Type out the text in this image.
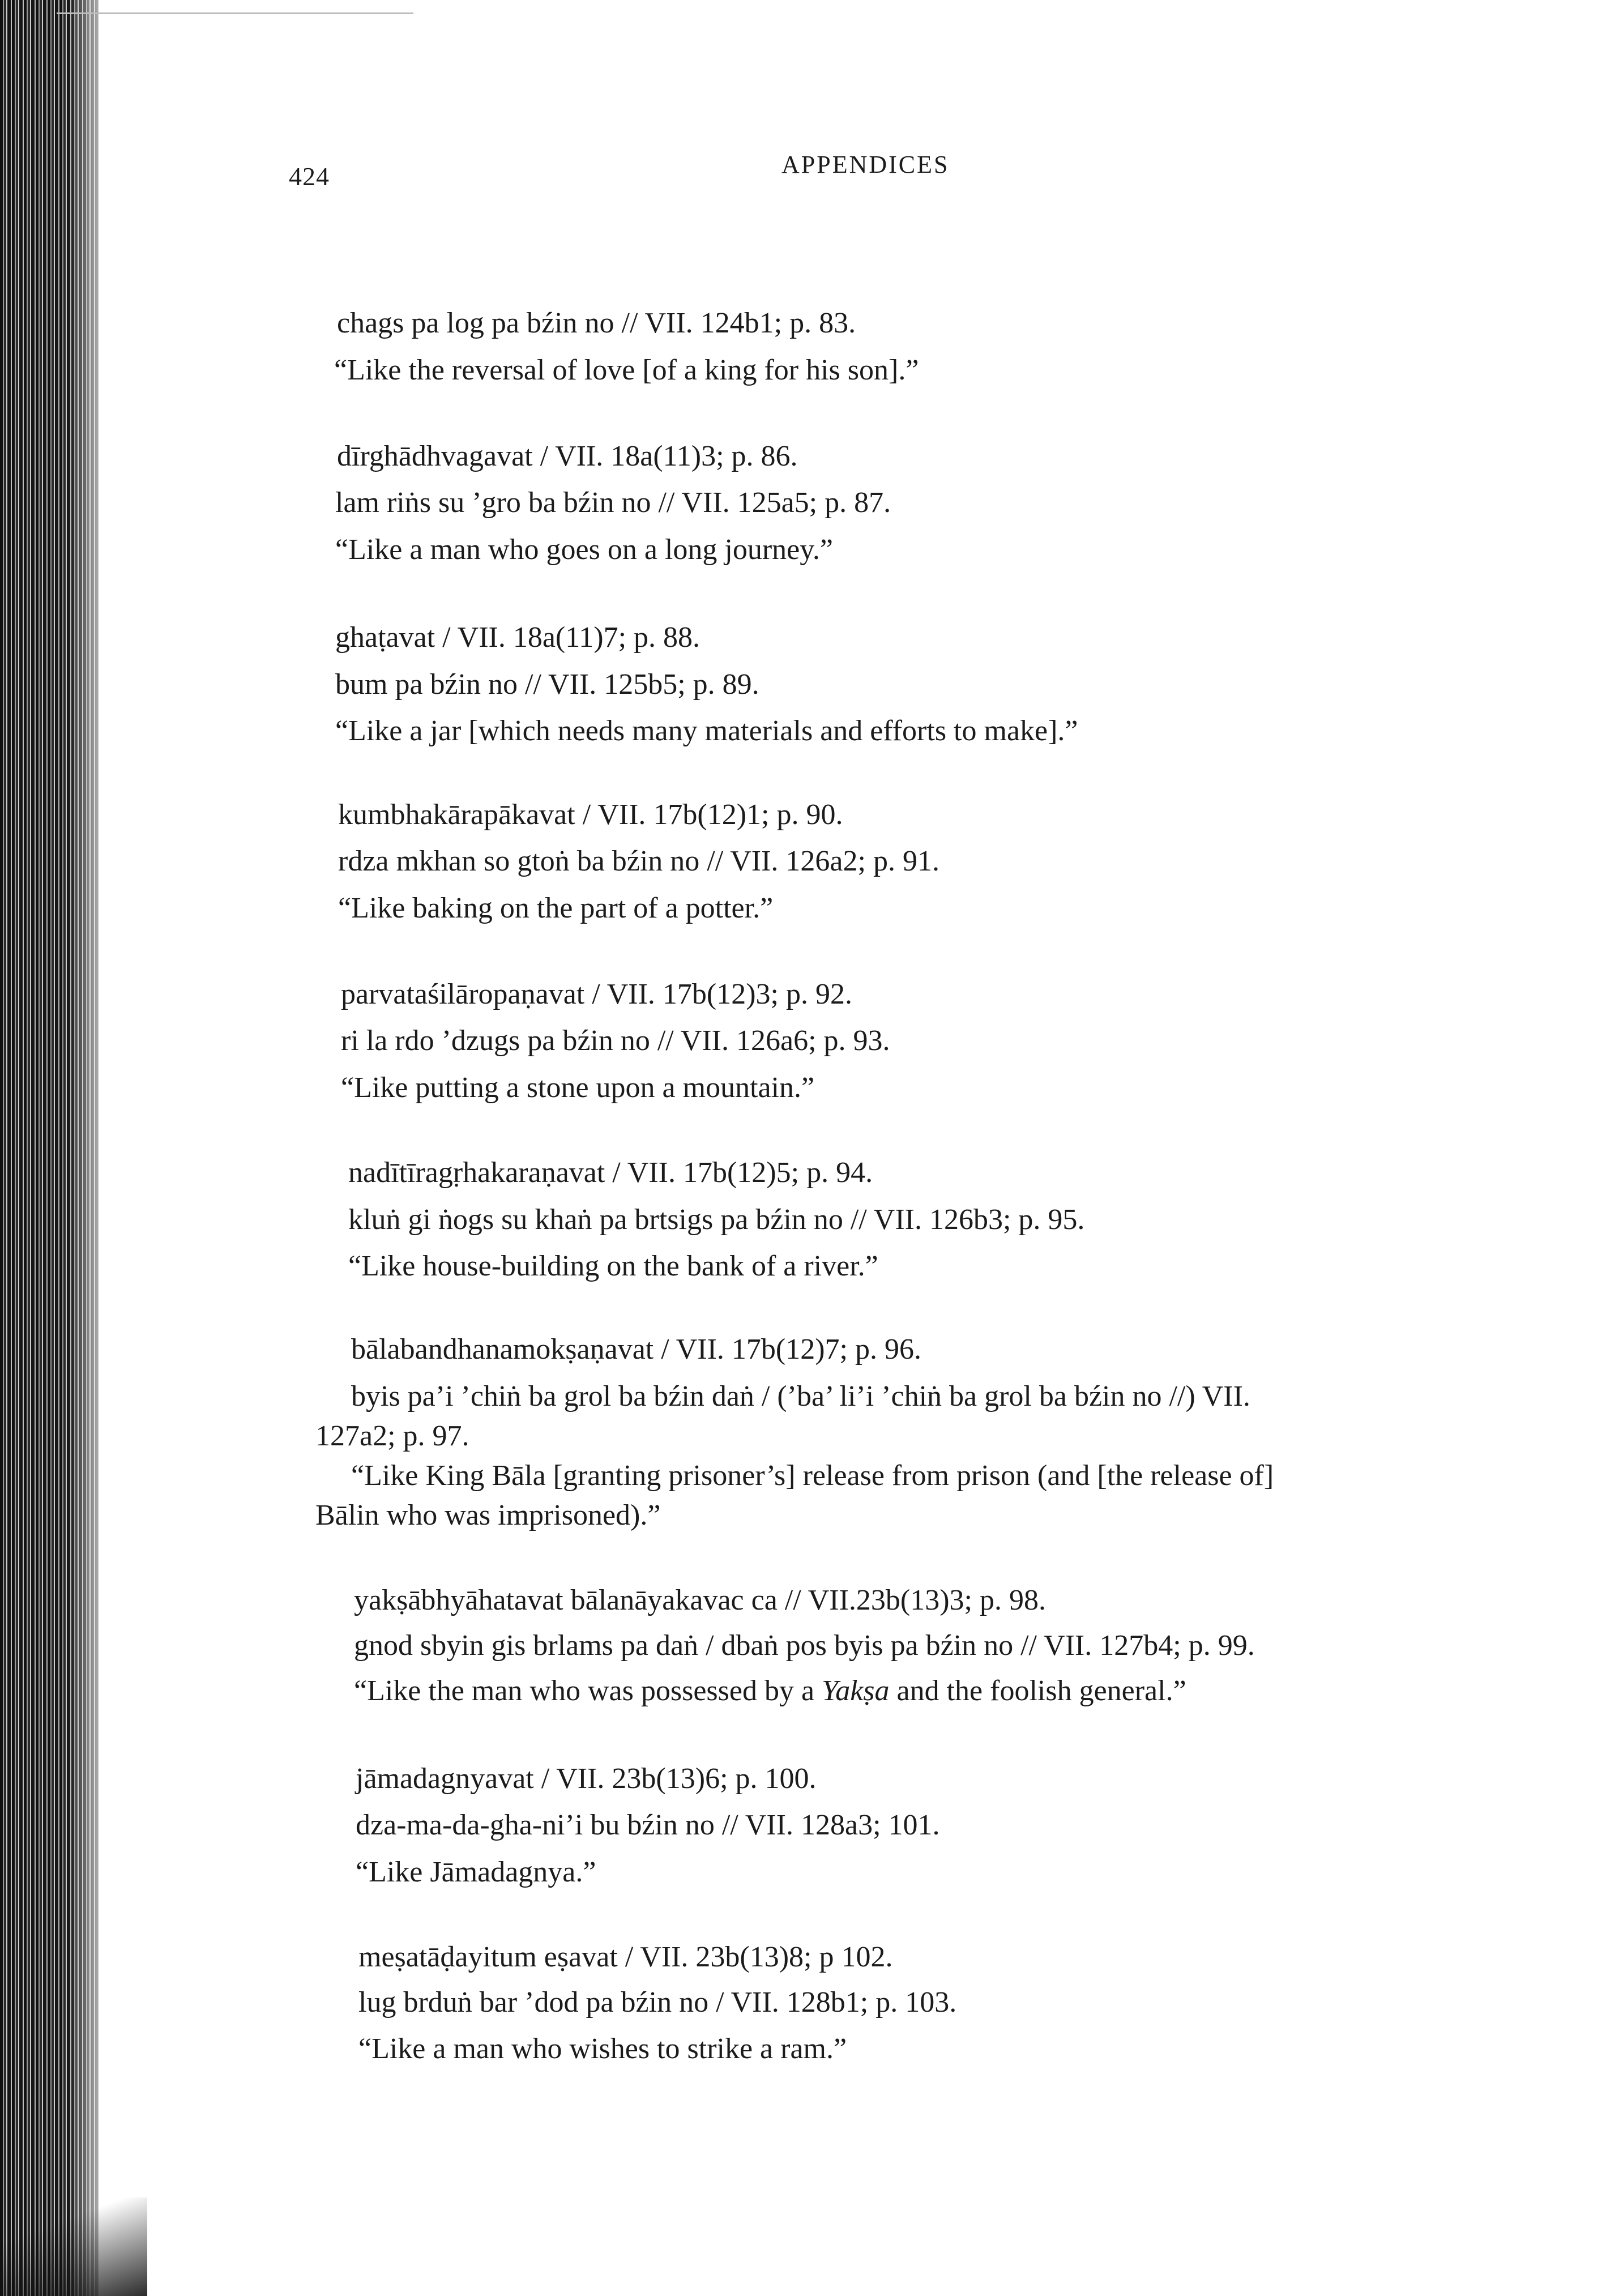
424	APPENDICES
chags pa log pa bźin no // VII. 124b1; p. 83.
“Like the reversal of love [of a king for his son].”
dīrghādhvagavat / VII. 18a(11)3; p. 86.
lam riṅs su ’gro ba bźin no // VII. 125a5; p. 87.
“Like a man who goes on a long journey.”
ghaṭavat / VII. 18a(11)7; p. 88.
bum pa bźin no // VII. 125b5; p. 89.
“Like a jar [which needs many materials and efforts to make].”
kumbhakārapākavat / VII. 17b(12)1; p. 90.
rdza mkhan so gtoṅ ba bźin no // VII. 126a2; p. 91.
“Like baking on the part of a potter.”
parvataśilāropaṇavat / VII. 17b(12)3; p. 92.
ri la rdo ’dzugs pa bźin no // VII. 126a6; p. 93.
“Like putting a stone upon a mountain.”
nadītīragṛhakaraṇavat / VII. 17b(12)5; p. 94.
kluṅ gi ṅogs su khaṅ pa brtsigs pa bźin no // VII. 126b3; p. 95.
“Like house-building on the bank of a river.”
bālabandhanamokṣaṇavat / VII. 17b(12)7; p. 96.
byis pa’i ’chiṅ ba grol ba bźin daṅ / (’ba’ li’i ’chiṅ ba grol ba bźin no //) VII.
127a2; p. 97.
“Like King Bāla [granting prisoner’s] release from prison (and [the release of]
Bālin who was imprisoned).”
yakṣābhyāhatavat bālanāyakavac ca // VII.23b(13)3; p. 98.
gnod sbyin gis brlams pa daṅ / dbaṅ pos byis pa bźin no // VII. 127b4; p. 99.
“Like the man who was possessed by a Yakṣa and the foolish general.”
jāmadagnyavat / VII. 23b(13)6; p. 100.
dza-ma-da-gha-ni’i bu bźin no // VII. 128a3; 101.
“Like Jāmadagnya.”
meṣatāḍayitum eṣavat / VII. 23b(13)8; p 102.
lug brduṅ bar ’dod pa bźin no / VII. 128b1; p. 103.
“Like a man who wishes to strike a ram.”
